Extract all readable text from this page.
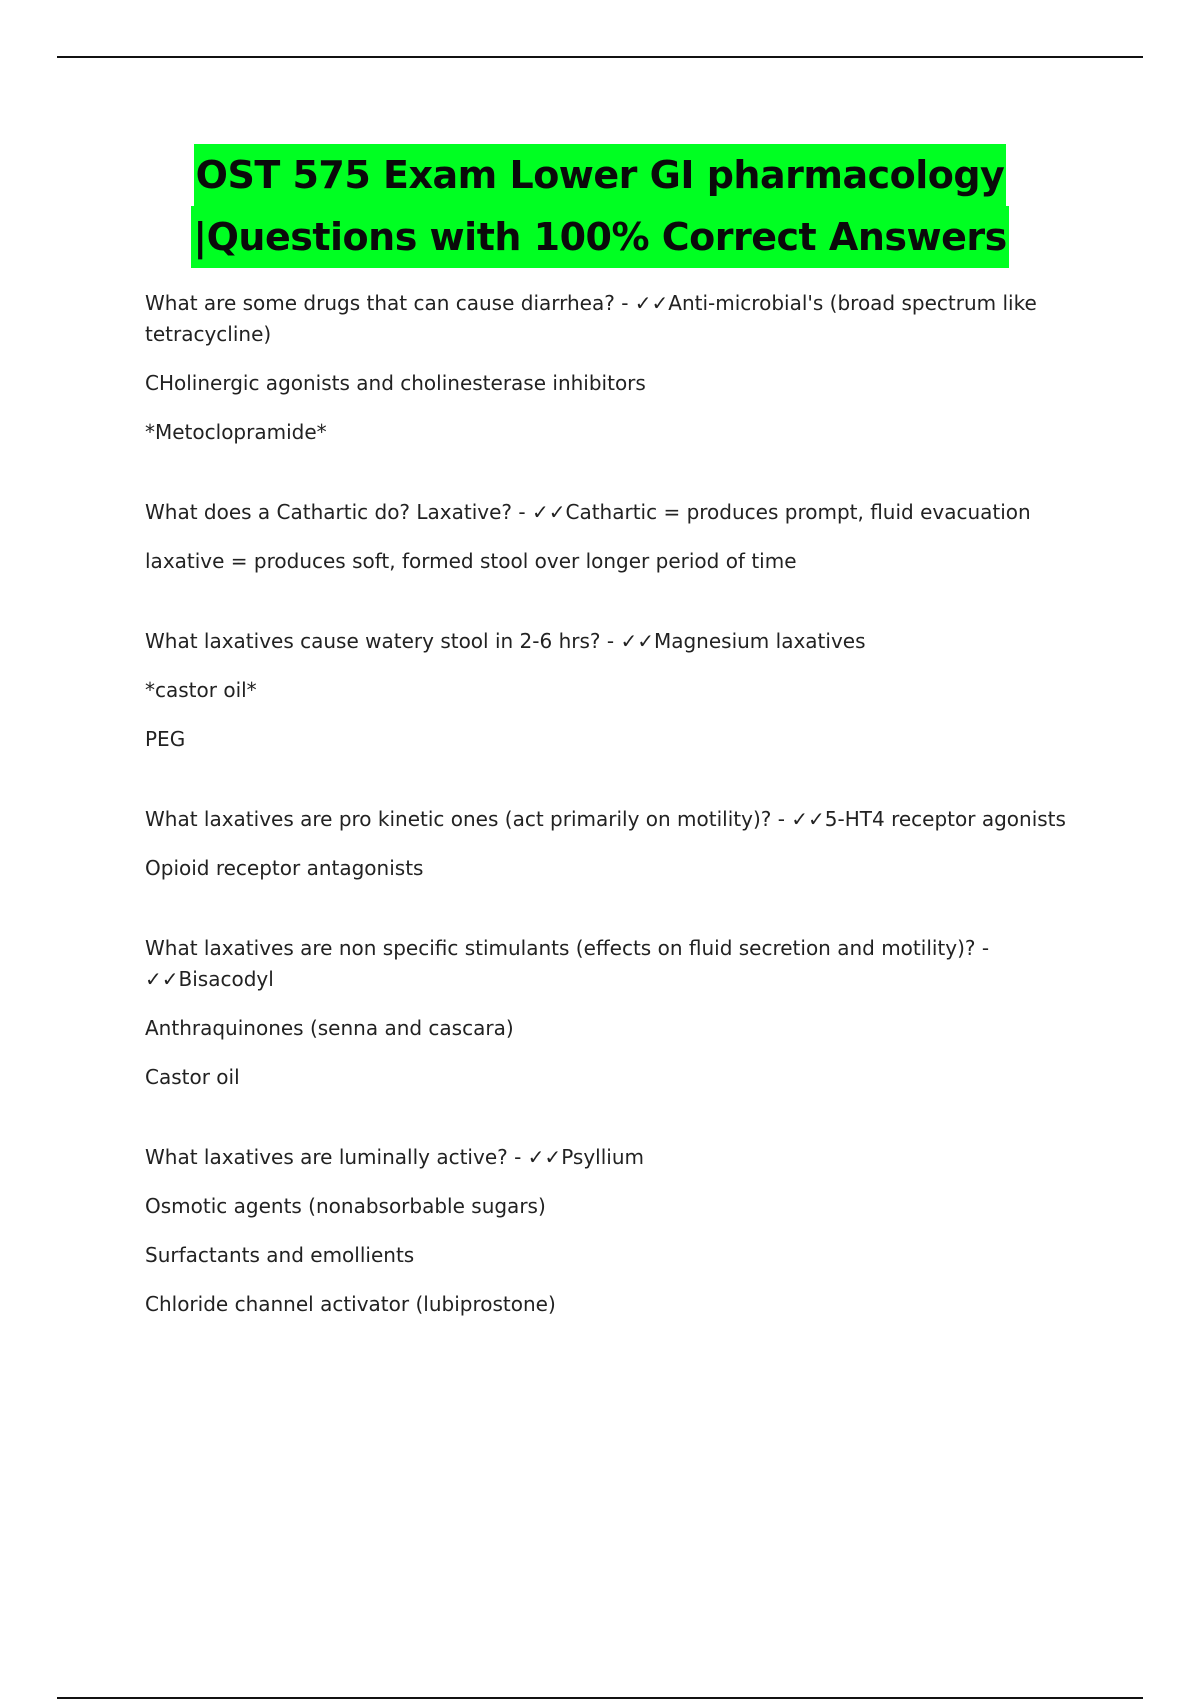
OST 575 Exam Lower GI pharmacology
|Questions with 100% Correct Answers

What are some drugs that can cause diarrhea? - ✓✓Anti-microbial's (broad spectrum like tetracycline)

CHolinergic agonists and cholinesterase inhibitors

*Metoclopramide*

What does a Cathartic do? Laxative? - ✓✓Cathartic = produces prompt, fluid evacuation

laxative = produces soft, formed stool over longer period of time

What laxatives cause watery stool in 2-6 hrs? - ✓✓Magnesium laxatives

*castor oil*

PEG

What laxatives are pro kinetic ones (act primarily on motility)? - ✓✓5-HT4 receptor agonists

Opioid receptor antagonists

What laxatives are non specific stimulants (effects on fluid secretion and motility)? - ✓✓Bisacodyl

Anthraquinones (senna and cascara)

Castor oil

What laxatives are luminally active? - ✓✓Psyllium

Osmotic agents (nonabsorbable sugars)

Surfactants and emollients

Chloride channel activator (lubiprostone)
